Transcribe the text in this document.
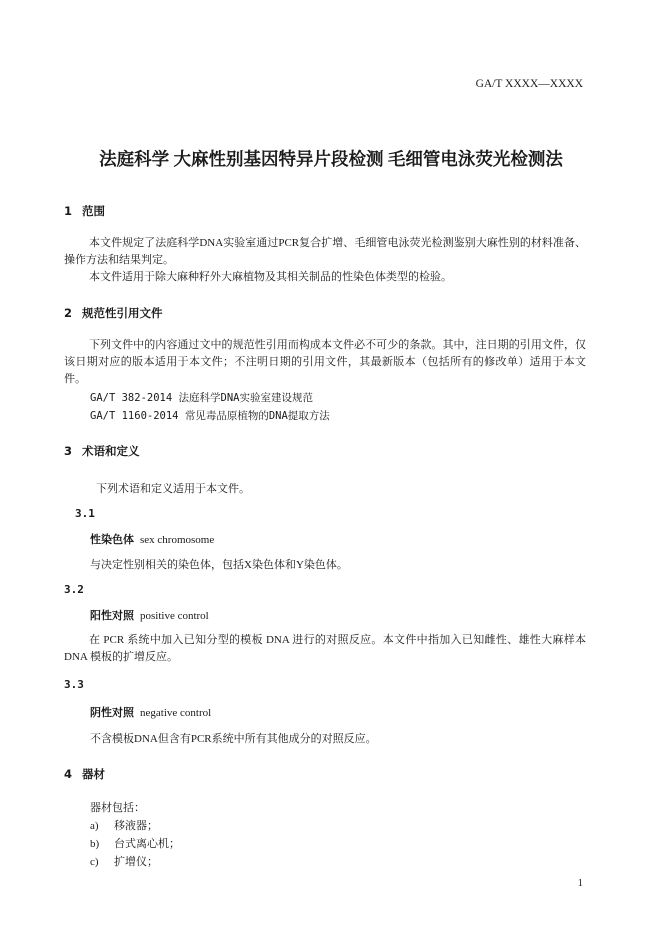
GA/T XXXX—XXXX
法庭科学 大麻性别基因特异片段检测 毛细管电泳荧光检测法
1 范围

本文件规定了法庭科学DNA实验室通过PCR复合扩增、毛细管电泳荧光检测鉴别大麻性别的材料准备、操作方法和结果判定。

本文件适用于除大麻种籽外大麻植物及其相关制品的性染色体类型的检验。

2 规范性引用文件

下列文件中的内容通过文中的规范性引用而构成本文件必不可少的条款。其中，注日期的引用文件，仅该日期对应的版本适用于本文件；不注明日期的引用文件，其最新版本（包括所有的修改单）适用于本文件。

GA/T 382-2014 法庭科学DNA实验室建设规范
GA/T 1160-2014 常见毒品原植物的DNA提取方法
3 术语和定义
下列术语和定义适用于本文件。
3.1
性染色体 sex chromosome
与决定性别相关的染色体，包括X染色体和Y染色体。
3.2
阳性对照 positive control

在 PCR 系统中加入已知分型的模板 DNA 进行的对照反应。本文件中指加入已知雌性、雄性大麻样本 DNA 模板的扩增反应。

3.3
阴性对照 negative control
不含模板DNA但含有PCR系统中所有其他成分的对照反应。
4 器材
器材包括：
a) 移液器；
b) 台式离心机；
c) 扩增仪；
1
